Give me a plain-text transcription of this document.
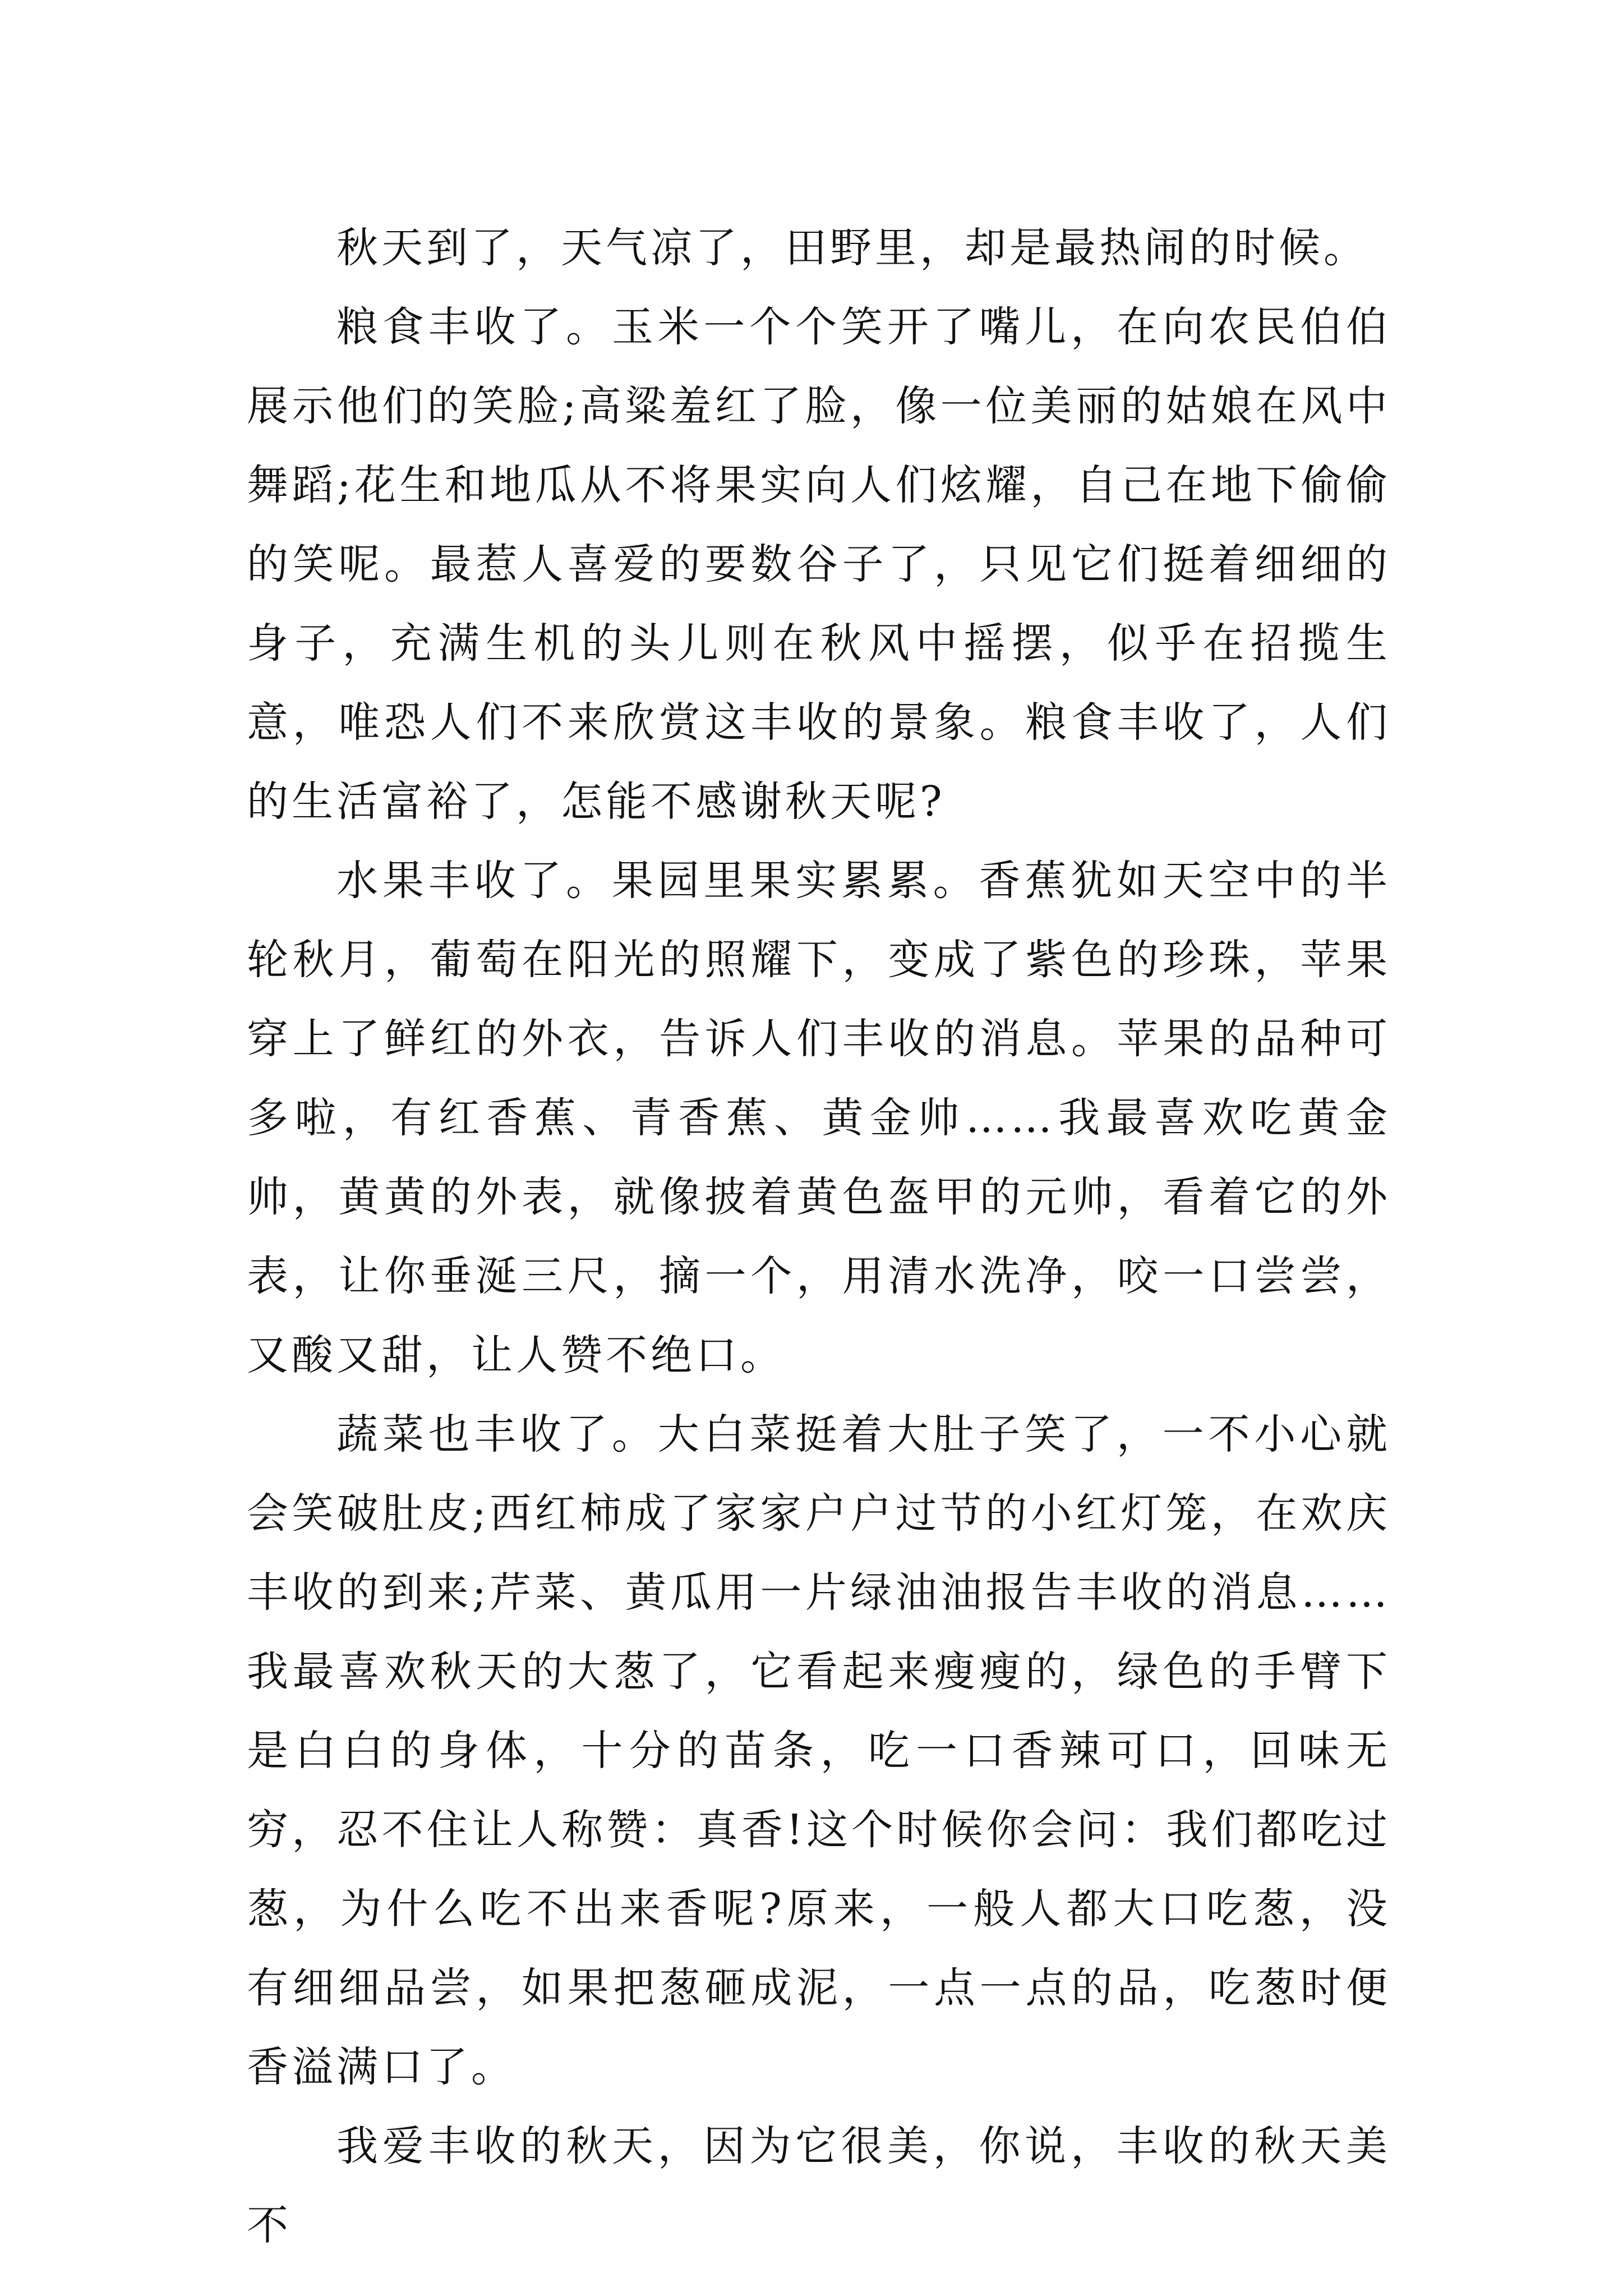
秋天到了，天气凉了，田野里，却是最热闹的时候。

粮食丰收了。玉米一个个笑开了嘴儿，在向农民伯伯展示他们的笑脸;高粱羞红了脸，像一位美丽的姑娘在风中舞蹈;花生和地瓜从不将果实向人们炫耀，自己在地下偷偷的笑呢。最惹人喜爱的要数谷子了，只见它们挺着细细的身子，充满生机的头儿则在秋风中摇摆，似乎在招揽生意，唯恐人们不来欣赏这丰收的景象。粮食丰收了，人们的生活富裕了，怎能不感谢秋天呢?

水果丰收了。果园里果实累累。香蕉犹如天空中的半轮秋月，葡萄在阳光的照耀下，变成了紫色的珍珠，苹果穿上了鲜红的外衣，告诉人们丰收的消息。苹果的品种可多啦，有红香蕉、青香蕉、黄金帅……我最喜欢吃黄金帅，黄黄的外表，就像披着黄色盔甲的元帅，看着它的外表，让你垂涎三尺，摘一个，用清水洗净，咬一口尝尝，又酸又甜，让人赞不绝口。

蔬菜也丰收了。大白菜挺着大肚子笑了，一不小心就会笑破肚皮;西红柿成了家家户户过节的小红灯笼，在欢庆丰收的到来;芹菜、黄瓜用一片绿油油报告丰收的消息……我最喜欢秋天的大葱了，它看起来瘦瘦的，绿色的手臂下是白白的身体，十分的苗条，吃一口香辣可口，回味无穷，忍不住让人称赞：真香!这个时候你会问：我们都吃过葱，为什么吃不出来香呢?原来，一般人都大口吃葱，没有细细品尝，如果把葱砸成泥，一点一点的品，吃葱时便香溢满口了。

我爱丰收的秋天，因为它很美，你说，丰收的秋天美不
